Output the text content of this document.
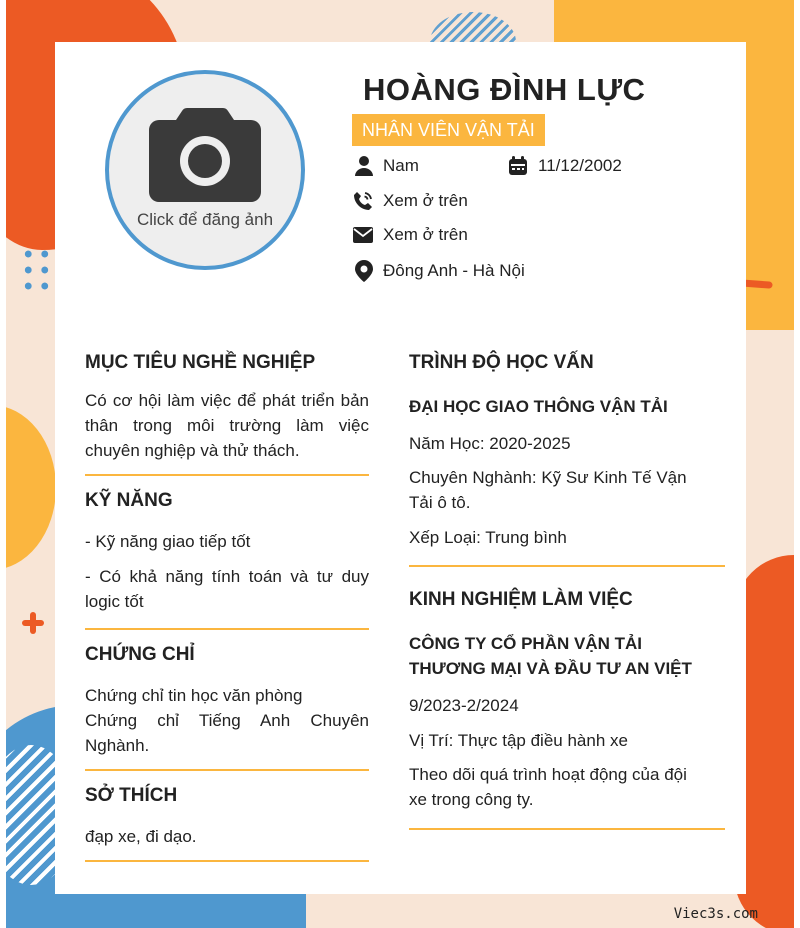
Click để đăng ảnh
HOÀNG ĐÌNH LỰC
NHÂN VIÊN VẬN TẢI
Nam	11/12/2002
Xem ở trên
Xem ở trên
Đông Anh - Hà Nội
MỤC TIÊU NGHỀ NGHIỆP
Có cơ hội làm việc để phát triển bản thân trong môi trường làm việc chuyên nghiệp và thử thách.
KỸ NĂNG
- Kỹ năng giao tiếp tốt
- Có khả năng tính toán và tư duy logic tốt
CHỨNG CHỈ
Chứng chỉ tin học văn phòng
Chứng chỉ Tiếng Anh Chuyên Nghành.
SỞ THÍCH
đạp xe, đi dạo.
TRÌNH ĐỘ HỌC VẤN
ĐẠI HỌC GIAO THÔNG VẬN TẢI
Năm Học: 2020-2025
Chuyên Nghành: Kỹ Sư Kinh Tế Vận Tải ô tô.
Xếp Loại: Trung bình
KINH NGHIỆM LÀM VIỆC
CÔNG TY CỔ PHẦN VẬN TẢI THƯƠNG MẠI VÀ ĐẦU TƯ AN VIỆT
9/2023-2/2024
Vị Trí: Thực tập điều hành xe
Theo dõi quá trình hoạt động của đội xe trong công ty.
Viec3s.com
